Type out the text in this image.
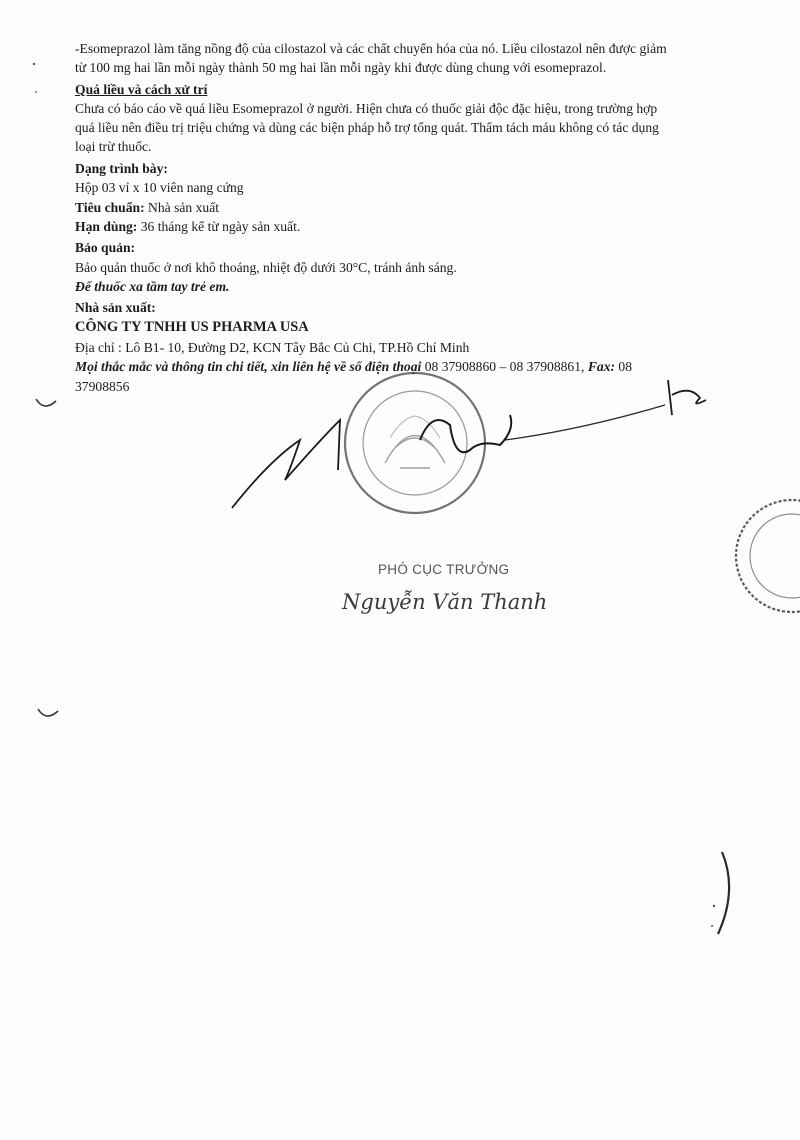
-Esomeprazol làm tăng nồng độ của cilostazol và các chất chuyển hóa của nó. Liều cilostazol nên được giảm
từ 100 mg hai lần mỗi ngày thành 50 mg hai lần mỗi ngày khi được dùng chung với esomeprazol.
Quá liều và cách xử trí
Chưa có báo cáo về quá liều Esomeprazol ở người. Hiện chưa có thuốc giải độc đặc hiệu, trong trường hợp
quá liều nên điều trị triệu chứng và dùng các biện pháp hỗ trợ tổng quát. Thẩm tách máu không có tác dụng
loại trừ thuốc.
Dạng trình bày:
Hộp 03 vỉ x 10 viên nang cứng
Tiêu chuẩn: Nhà sản xuất
Hạn dùng: 36 tháng kể từ ngày sản xuất.
Bảo quản:
Bảo quản thuốc ở nơi khô thoáng, nhiệt độ dưới 30°C, tránh ánh sáng.
Để thuốc xa tầm tay trẻ em.
Nhà sản xuất:
CÔNG TY TNHH US PHARMA USA
Địa chỉ : Lô B1- 10, Đường D2, KCN Tây Bắc Củ Chi, TP.Hồ Chí Minh
Mọi thắc mắc và thông tin chi tiết, xin liên hệ về số điện thoại 08 37908860 – 08 37908861, Fax: 08
37908856
PHÓ CỤC TRƯỞNG
Nguyễn Văn Thanh
